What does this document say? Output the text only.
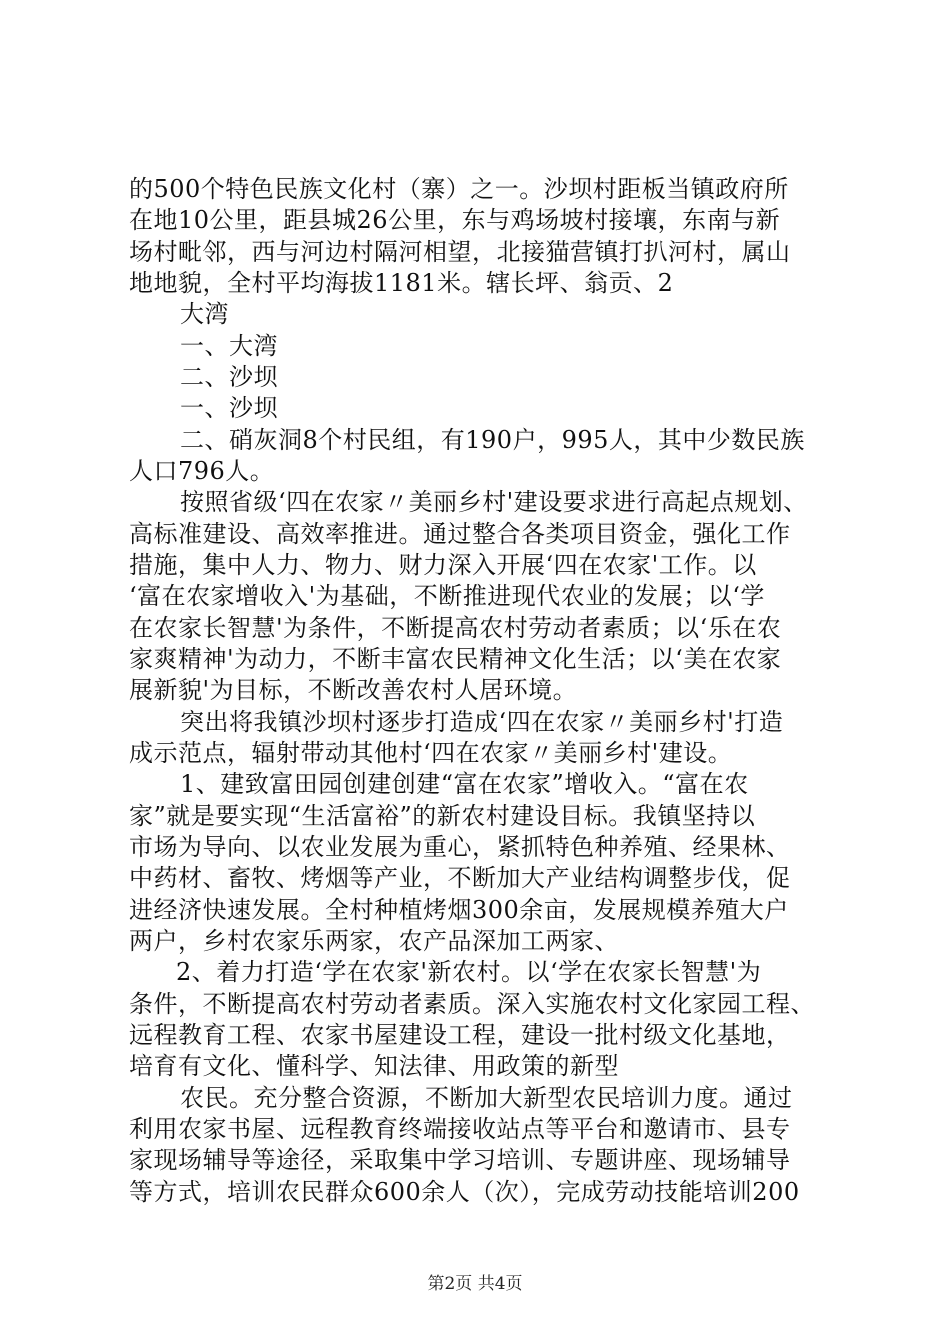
的500个特色民族文化村（寨）之一。沙坝村距板当镇政府所
在地10公里，距县城26公里，东与鸡场坡村接壤，东南与新
场村毗邻，西与河边村隔河相望，北接猫营镇打扒河村，属山
地地貌，全村平均海拔1181米。辖长坪、翁贡、2
大湾
一、大湾
二、沙坝
一、沙坝
二、硝灰洞8个村民组，有190户，995人，其中少数民族
人口796人。
按照省级‘四在农家〃美丽乡村'建设要求进行高起点规划、
高标准建设、高效率推进。通过整合各类项目资金，强化工作
措施，集中人力、物力、财力深入开展‘四在农家'工作。以
‘富在农家增收入'为基础，不断推进现代农业的发展；以‘学
在农家长智慧'为条件，不断提高农村劳动者素质；以‘乐在农
家爽精神'为动力，不断丰富农民精神文化生活；以‘美在农家
展新貌'为目标，不断改善农村人居环境。
突出将我镇沙坝村逐步打造成‘四在农家〃美丽乡村'打造
成示范点，辐射带动其他村‘四在农家〃美丽乡村'建设。
1、建致富田园创建创建“富在农家”增收入。“富在农
家”就是要实现“生活富裕”的新农村建设目标。我镇坚持以
市场为导向、以农业发展为重心，紧抓特色种养殖、经果林、
中药材、畜牧、烤烟等产业，不断加大产业结构调整步伐，促
进经济快速发展。全村种植烤烟300余亩，发展规模养殖大户
两户，乡村农家乐两家，农产品深加工两家、
2、着力打造‘学在农家'新农村。以‘学在农家长智慧'为
条件，不断提高农村劳动者素质。深入实施农村文化家园工程、
远程教育工程、农家书屋建设工程，建设一批村级文化基地，
培育有文化、懂科学、知法律、用政策的新型
农民。充分整合资源，不断加大新型农民培训力度。通过
利用农家书屋、远程教育终端接收站点等平台和邀请市、县专
家现场辅导等途径，采取集中学习培训、专题讲座、现场辅导
等方式，培训农民群众600余人（次），完成劳动技能培训200
第2页 共4页
